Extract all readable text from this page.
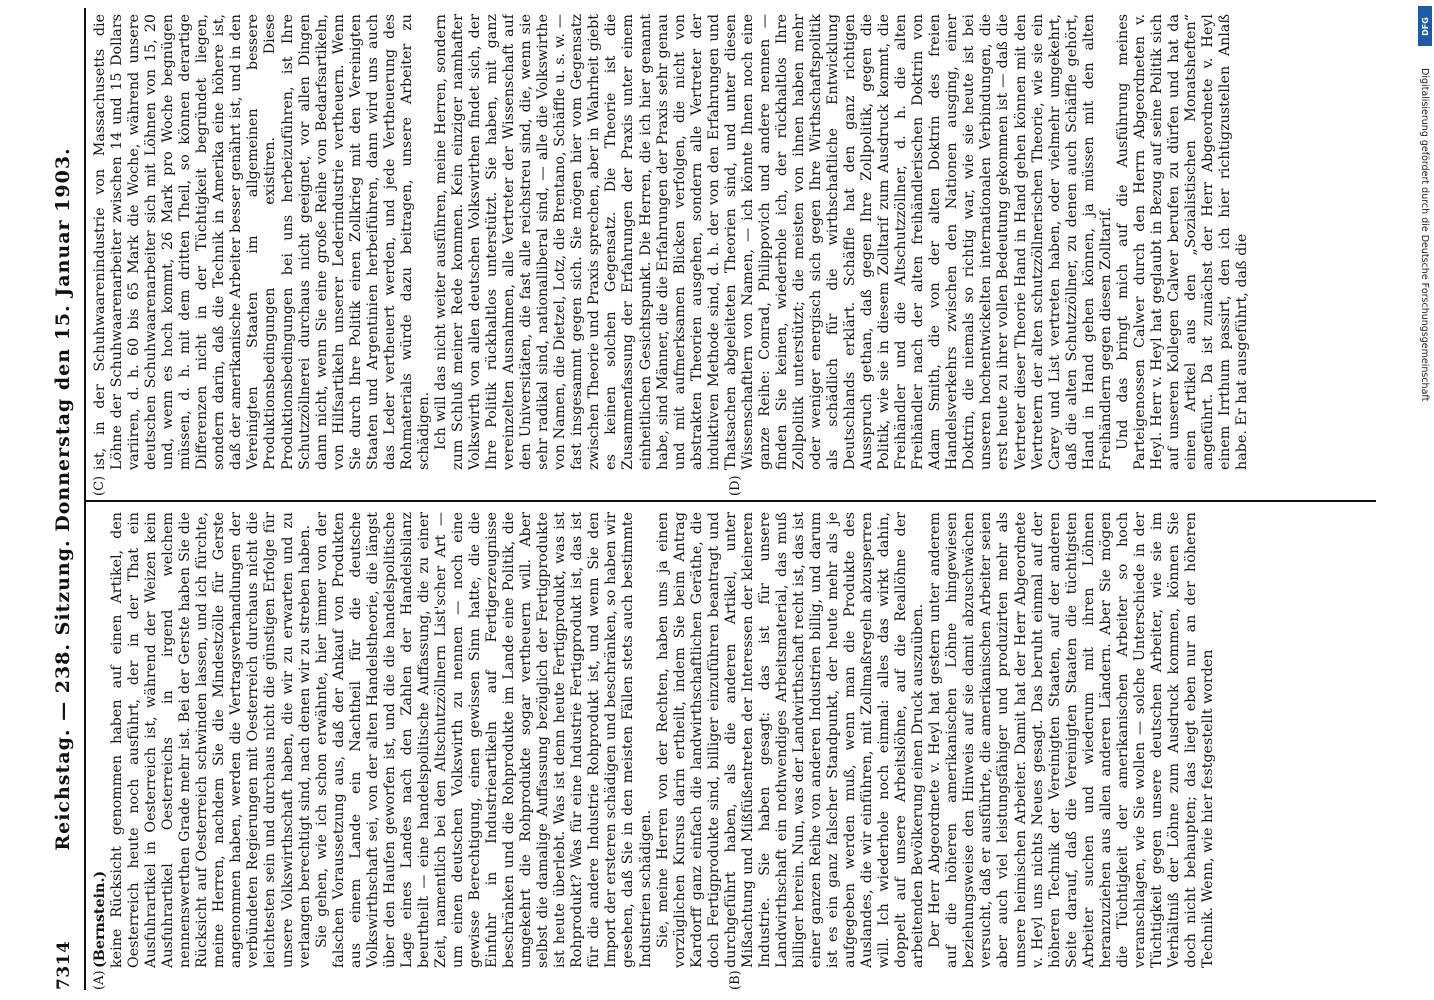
7314
Reichstag. — 238. Sitzung. Donnerstag den 15. Januar 1903.
(A)	(B)
(C)	(D)

(Bernstein.) keine Rücksicht genommen haben auf einen Artikel, den Oesterreich heute noch ausführt, der in der That ein Ausfuhrartikel in Oesterreich ist, während der Weizen kein Ausfuhrartikel Oesterreichs in irgend welchem nennenswerthen Grade mehr ist. Bei der Gerste haben Sie die Rücksicht auf Oesterreich schwinden lassen, und ich fürchte, meine Herren, nachdem Sie die Mindestzölle für Gerste angenommen haben, werden die Vertragsverhandlungen der verbündeten Regierungen mit Oesterreich durchaus nicht die leichtesten sein und durchaus nicht die günstigen Erfolge für unsere Volkswirthschaft haben, die wir zu erwarten und zu verlangen berechtigt sind, nach denen wir zu streben haben. Sie gehen, wie ich schon erwähnte, hier immer von der falschen Voraussetzung aus, daß der Ankauf von Produkten aus einem Lande ein Nachtheil für die deutsche Volkswirthschaft sei, von der alten Handelstheorie, die längst über den Haufen geworfen ist, und die die handelspolitische Lage eines Landes nach den Zahlen der Handelsbilanz beurtheilt — eine handelspolitische Auffassung, die zu einer Zeit, namentlich bei den Altschutzzöllnern List'scher Art — um einen deutschen Volkswirth zu nennen — noch eine gewisse Berechtigung, einen gewissen Sinn hatte, die die Einfuhr in Industrieartikeln auf Fertigerzeugnisse beschränken und die Rohprodukte im Lande eine Politik, die umgekehrt die Rohprodukte sogar vertheuern will. Aber selbst die damalige Auffassung bezüglich der Fertigprodukte ist heute überlebt. Was ist denn heute Fertigprodukt, was ist Rohprodukt? Was für eine Industrie Fertigprodukt ist, das ist für die andere Industrie Rohprodukt ist, und wenn Sie den Import der ersteren schädigen und beschränken, so haben wir gesehen, daß Sie in den meisten Fällen stets auch bestimmte Industrien schädigen. Sie, meine Herren von der Rechten, haben uns ja einen vorzüglichen Kursus darin ertheilt, indem Sie beim Antrag Kardorff ganz einfach die landwirthschaftlichen Geräthe, die doch Fertigprodukte sind, billiger einzuführen beantragt und durchgeführt haben, als die anderen Artikel, unter Mißachtung und Mißfüßentreten der Interessen der kleineren Industrie. Sie haben gesagt: das ist für unsere Landwirthschaft ein nothwendiges Arbeitsmaterial, das muß billiger herein. Nun, was der Landwirthschaft recht ist, das ist einer ganzen Reihe von anderen Industrien billig, und darum ist es ein ganz falscher Standpunkt, der heute mehr als je aufgegeben werden muß, wenn man die Produkte des Auslandes, die wir einführen, mit Zollmaßregeln abzusperren will. Ich wiederhole noch einmal: alles das wirkt dahin, doppelt auf unsere Arbeitslöhne, auf die Reallöhne der arbeitenden Bevölkerung einen Druck auszuüben. Der Herr Abgeordnete v. Heyl hat gestern unter anderem auf die höheren amerikanischen Löhne hingewiesen beziehungsweise den Hinweis auf sie damit abzuschwächen versucht, daß er ausführte, die amerikanischen Arbeiter seien aber auch viel leistungsfähiger und produzirten mehr als unsere heimischen Arbeiter. Damit hat der Herr Abgeordnete v. Heyl uns nichts Neues gesagt. Das beruht einmal auf der höheren Technik der Vereinigten Staaten, auf der anderen Seite darauf, daß die Vereinigten Staaten die tüchtigsten Arbeiter suchen und wiederum mit ihren Löhnen heranzuziehen aus allen anderen Ländern. Aber Sie mögen die Tüchtigkeit der amerikanischen Arbeiter so hoch veranschlagen, wie Sie wollen — solche Unterschiede in der Tüchtigkeit gegen unsere deutschen Arbeiter, wie sie im Verhältniß der Löhne zum Ausdruck kommen, können Sie doch nicht behaupten; das liegt eben nur an der höheren Technik. Wenn, wie hier festgestellt worden

ist, in der Schuhwaarenindustrie von Massachusetts die Löhne der Schuhwaarenarbeiter zwischen 14 und 15 Dollars variiren, d. h. 60 bis 65 Mark die Woche, während unsere deutschen Schuhwaarenarbeiter sich mit Löhnen von 15, 20 und, wenn es hoch kommt, 26 Mark pro Woche begnügen müssen, d. h. mit dem dritten Theil, so können derartige Differenzen nicht in der Tüchtigkeit begründet liegen, sondern darin, daß die Technik in Amerika eine höhere ist, daß der amerikanische Arbeiter besser genährt ist, und in den Vereinigten Staaten im allgemeinen bessere Produktionsbedingungen existiren. Diese Produktionsbedingungen bei uns herbeizuführen, ist Ihre Schutzzöllnerei durchaus nicht geeignet, vor allen Dingen dann nicht, wenn Sie eine große Reihe von Bedarfsartikeln, von Hilfsartikeln unserer Lederindustrie vertheuern. Wenn Sie durch Ihre Politik einen Zollkrieg mit den Vereinigten Staaten und Argentinien herbeiführen, dann wird uns auch das Leder vertheuert werden, und jede Vertheuerung des Rohmaterials würde dazu beitragen, unsere Arbeiter zu schädigen. Ich will das nicht weiter ausführen, meine Herren, sondern zum Schluß meiner Rede kommen. Kein einziger namhafter Volkswirth von allen deutschen Volkswirthen findet sich, der Ihre Politik rückhaltlos unterstützt. Sie haben, mit ganz vereinzelten Ausnahmen, alle Vertreter der Wissenschaft auf den Universitäten, die fast alle reichstreu sind, die, wenn sie sehr radikal sind, nationalliberal sind, — alle die Volkswirthe von Namen, die Dietzel, Lotz, die Brentano, Schäffle u. s. w. — fast insgesammt gegen sich. Sie mögen hier vom Gegensatz zwischen Theorie und Praxis sprechen, aber in Wahrheit giebt es keinen solchen Gegensatz. Die Theorie ist die Zusammenfassung der Erfahrungen der Praxis unter einem einheitlichen Gesichtspunkt. Die Herren, die ich hier genannt habe, sind Männer, die die Erfahrungen der Praxis sehr genau und mit aufmerksamen Blicken verfolgen, die nicht von abstrakten Theorien ausgehen, sondern alle Vertreter der induktiven Methode sind, d. h. der von den Erfahrungen und Thatsachen abgeleiteten Theorien sind, und unter diesen Wissenschaftlern von Namen, — ich könnte Ihnen noch eine ganze Reihe: Conrad, Philippovich und andere nennen — finden Sie keinen, wiederhole ich, der rückhaltlos Ihre Zollpolitik unterstützt; die meisten von ihnen haben mehr oder weniger energisch sich gegen Ihre Wirthschaftspolitik als schädlich für die wirthschaftliche Entwicklung Deutschlands erklärt. Schäffle hat den ganz richtigen Ausspruch gethan, daß gegen Ihre Zollpolitik, gegen die Politik, wie sie in diesem Zolltarif zum Ausdruck kommt, die Freihändler und die Altschutzzöllner, d. h. die alten Freihändler nach der alten freihändlerischen Doktrin von Adam Smith, die von der alten Doktrin des freien Handelsverkehrs zwischen den Nationen ausging, einer Doktrin, die niemals so richtig war, wie sie heute ist bei unseren hochentwickelten internationalen Verbindungen, die erst heute zu ihrer vollen Bedeutung gekommen ist — daß die Vertreter dieser Theorie Hand in Hand gehen können mit den Vertretern der alten schutzzöllnerischen Theorie, wie sie ein Carey und List vertreten haben, oder vielmehr umgekehrt, daß die alten Schutzzöllner, zu denen auch Schäffle gehört, Hand in Hand gehen können, ja müssen mit den alten Freihändlern gegen diesen Zolltarif. Und das bringt mich auf die Ausführung meines Parteigenossen Calwer durch den Herrn Abgeordneten v. Heyl. Herr v. Heyl hat geglaubt in Bezug auf seine Politik sich auf unseren Kollegen Calwer berufen zu dürfen und hat da einen Artikel aus den „Sozialistischen Monatsheften“ angeführt. Da ist zunächst der Herr Abgeordnete v. Heyl einem Irrthum passirt, den ich hier richtigzustellen Anlaß habe. Er hat ausgeführt, daß die

DFG
Digitalisierung gefördert durch die Deutsche Forschungsgemeinschaft
